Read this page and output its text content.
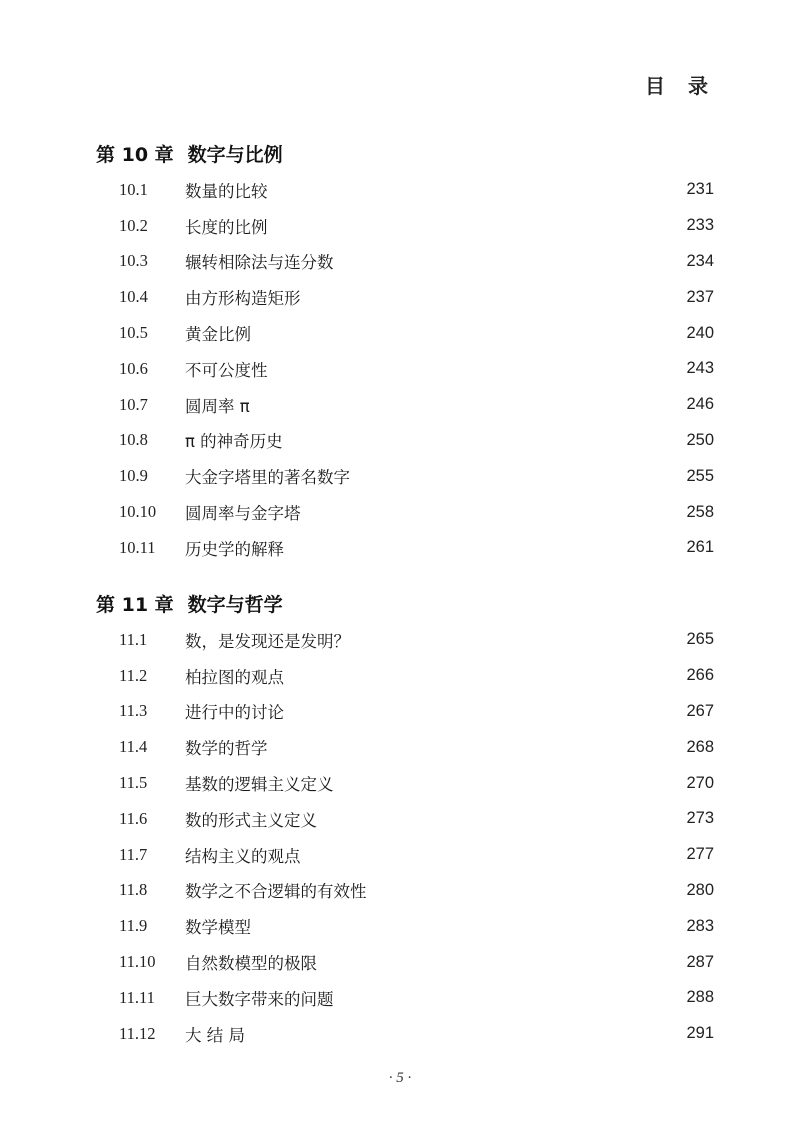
目 录
第 10 章 数字与比例
10.1	数量的比较	231
10.2	长度的比例	233
10.3	辗转相除法与连分数	234
10.4	由方形构造矩形	237
10.5	黄金比例	240
10.6	不可公度性	243
10.7	圆周率 π	246
10.8	π 的神奇历史	250
10.9	大金字塔里的著名数字	255
10.10	圆周率与金字塔	258
10.11	历史学的解释	261
第 11 章 数字与哲学
11.1	数，是发现还是发明？	265
11.2	柏拉图的观点	266
11.3	进行中的讨论	267
11.4	数学的哲学	268
11.5	基数的逻辑主义定义	270
11.6	数的形式主义定义	273
11.7	结构主义的观点	277
11.8	数学之不合逻辑的有效性	280
11.9	数学模型	283
11.10	自然数模型的极限	287
11.11	巨大数字带来的问题	288
11.12	大 结 局	291
· 5 ·
